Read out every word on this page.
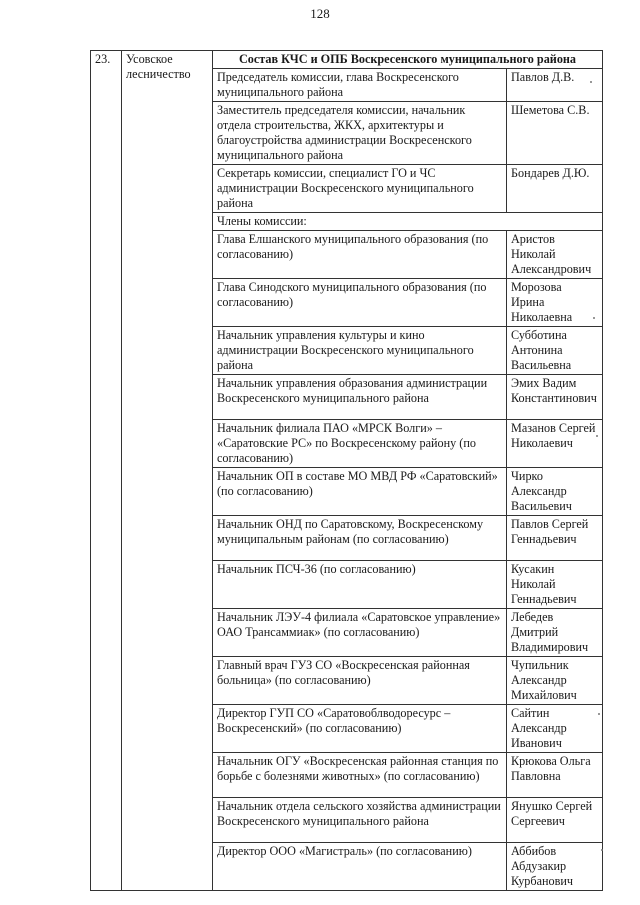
128
23.	Усовское лесничество	Состав КЧС и ОПБ Воскресенского муниципального района	
		Председатель комиссии, глава Воскресенского муниципального района	Павлов Д.В.
		Заместитель председателя комиссии, начальник отдела строительства, ЖКХ, архитектуры и благоустройства администрации Воскресенского муниципального района	Шеметова С.В.
		Секретарь комиссии, специалист ГО и ЧС администрации Воскресенского муниципального района	Бондарев Д.Ю.
		Члены комиссии:	
		Глава Елшанского муниципального образования (по согласованию)	Аристов Николай Александрович
		Глава Синодского муниципального образования (по согласованию)	Морозова Ирина Николаевна
		Начальник управления культуры и кино администрации Воскресенского муниципального района	Субботина Антонина Васильевна
		Начальник управления образования администрации Воскресенского муниципального района	Эмих Вадим Константинович
		Начальник филиала ПАО «МРСК Волги» – «Саратовские РС» по Воскресенскому району (по согласованию)	Мазанов Сергей Николаевич
		Начальник ОП в составе МО МВД РФ «Саратовский» (по согласованию)	Чирко Александр Васильевич
		Начальник ОНД по Саратовскому, Воскресенскому муниципальным районам (по согласованию)	Павлов Сергей Геннадьевич
		Начальник ПСЧ-36 (по согласованию)	Кусакин Николай Геннадьевич
		Начальник ЛЭУ-4 филиала «Саратовское управление» ОАО Трансаммиак» (по согласованию)	Лебедев Дмитрий Владимирович
		Главный врач ГУЗ СО «Воскресенская районная больница» (по согласованию)	Чупильник Александр Михайлович
		Директор ГУП СО «Саратовоблводоресурс – Воскресенский» (по согласованию)	Сайтин Александр Иванович
		Начальник ОГУ «Воскресенская районная станция по борьбе с болезнями животных» (по согласованию)	Крюкова Ольга Павловна
		Начальник отдела сельского хозяйства администрации Воскресенского муниципального района	Янушко Сергей Сергеевич
		Директор ООО «Магистраль» (по согласованию)	Аббибов Абдузакир Курбанович
